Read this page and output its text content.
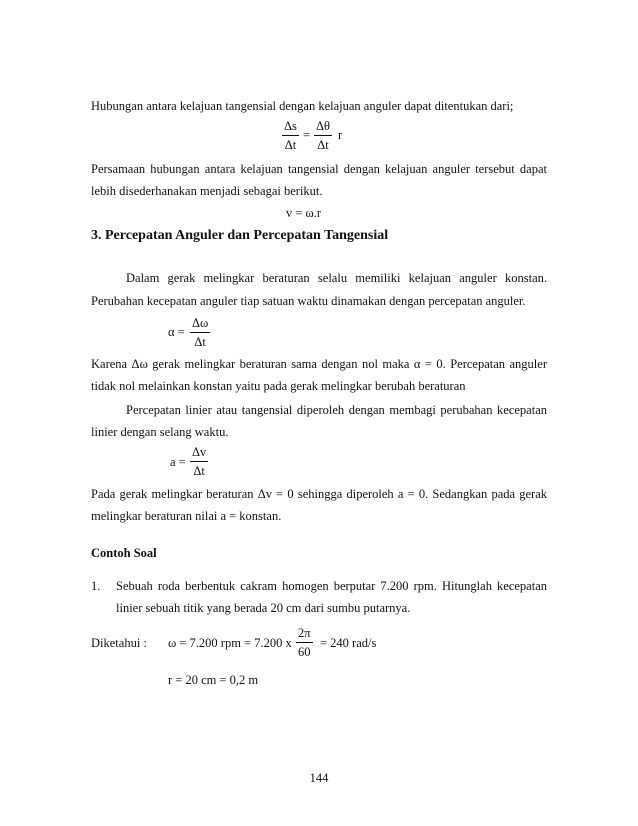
Hubungan antara kelajuan tangensial dengan kelajuan anguler dapat ditentukan dari;
Δs
Δt
=
Δθ
Δt
r
Persamaan hubungan antara kelajuan tangensial dengan kelajuan anguler tersebut dapat
lebih disederhanakan menjadi sebagai berikut.
v = ω.r
3. Percepatan Anguler dan Percepatan Tangensial
Dalam gerak melingkar beraturan selalu memiliki kelajuan anguler konstan.
Perubahan kecepatan anguler tiap satuan waktu dinamakan dengan percepatan anguler.
α =
Δω
Δt
Karena Δω gerak melingkar beraturan sama dengan nol maka α = 0. Percepatan anguler
tidak nol melainkan konstan yaitu pada gerak melingkar berubah beraturan
Percepatan linier atau tangensial diperoleh dengan membagi perubahan kecepatan
linier dengan selang waktu.
a =
Δv
Δt
Pada gerak melingkar beraturan Δv = 0 sehingga diperoleh a = 0. Sedangkan pada gerak
melingkar beraturan nilai a = konstan.
Contoh Soal
1. Sebuah roda berbentuk cakram homogen berputar 7.200 rpm. Hitunglah kecepatan
linier sebuah titik yang berada 20 cm dari sumbu putarnya.
Diketahui : ω = 7.200 rpm = 7.200 x
2π
60
= 240 rad/s
r = 20 cm = 0,2 m
144
